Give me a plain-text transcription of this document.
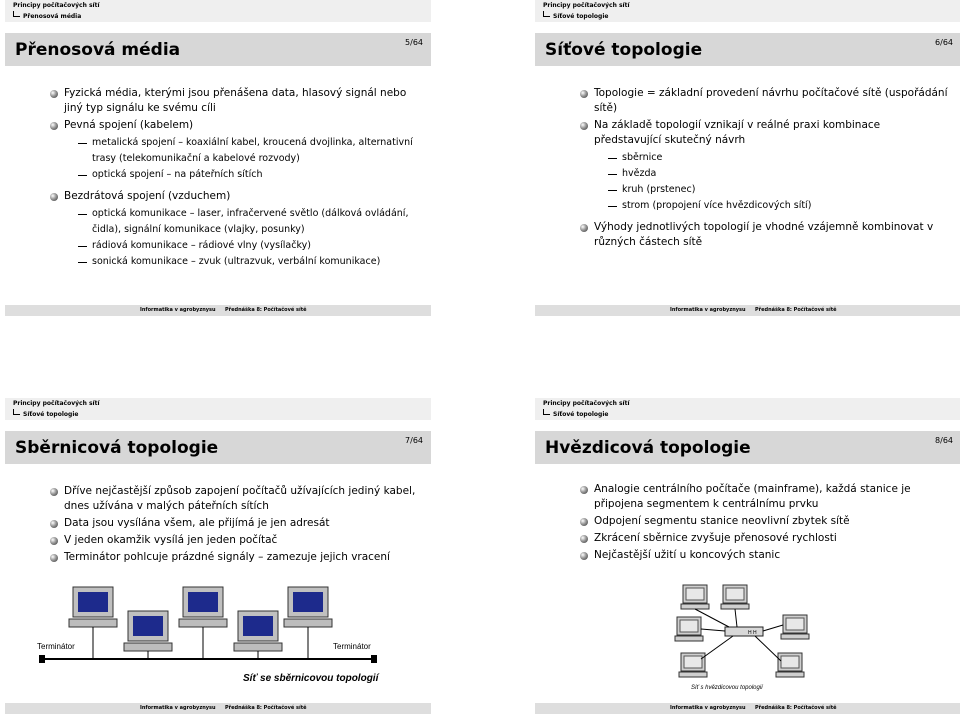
Principy počítačových sítí
Přenosová média
Přenosová média	5/64
Fyzická média, kterými jsou přenášena data, hlasový signál nebo jiný typ signálu ke svému cíli
Pevná spojení (kabelem)
metalická spojení – koaxiální kabel, kroucená dvojlinka, alternativní trasy (telekomunikační a kabelové rozvody)
optická spojení – na páteřních sítích
Bezdrátová spojení (vzduchem)
optická komunikace – laser, infračervené světlo (dálková ovládání, čidla), signální komunikace (vlajky, posunky)
rádiová komunikace – rádiové vlny (vysílačky)
sonická komunikace – zvuk (ultrazvuk, verbální komunikace)
Informatika v agrobyznysu Přednáška 8: Počítačové sítě
Principy počítačových sítí
Síťové topologie
Síťové topologie	6/64
Topologie = základní provedení návrhu počítačové sítě (uspořádání sítě)
Na základě topologií vznikají v reálné praxi kombinace představující skutečný návrh
sběrnice
hvězda
kruh (prstenec)
strom (propojení více hvězdicových sítí)
Výhody jednotlivých topologií je vhodné vzájemně kombinovat v různých částech sítě
Informatika v agrobyznysu Přednáška 8: Počítačové sítě
Principy počítačových sítí
Síťové topologie
Sběrnicová topologie	7/64
Dříve nejčastější způsob zapojení počítačů užívajících jediný kabel, dnes užívána v malých páteřních sítích
Data jsou vysílána všem, ale přijímá je jen adresát
V jeden okamžik vysílá jen jeden počítač
Terminátor pohlcuje prázdné signály – zamezuje jejich vracení
Terminátor	Terminátor
Síť se sběrnicovou topologií
Informatika v agrobyznysu Přednáška 8: Počítačové sítě
Principy počítačových sítí
Síťové topologie
Hvězdicová topologie	8/64
Analogie centrálního počítače (mainframe), každá stanice je připojena segmentem k centrálnímu prvku
Odpojení segmentu stanice neovlivní zbytek sítě
Zkrácení sběrnice zvyšuje přenosové rychlosti
Nejčastější užití u koncových stanic
H H
Síť s hvězdicovou topologií
Informatika v agrobyznysu Přednáška 8: Počítačové sítě
